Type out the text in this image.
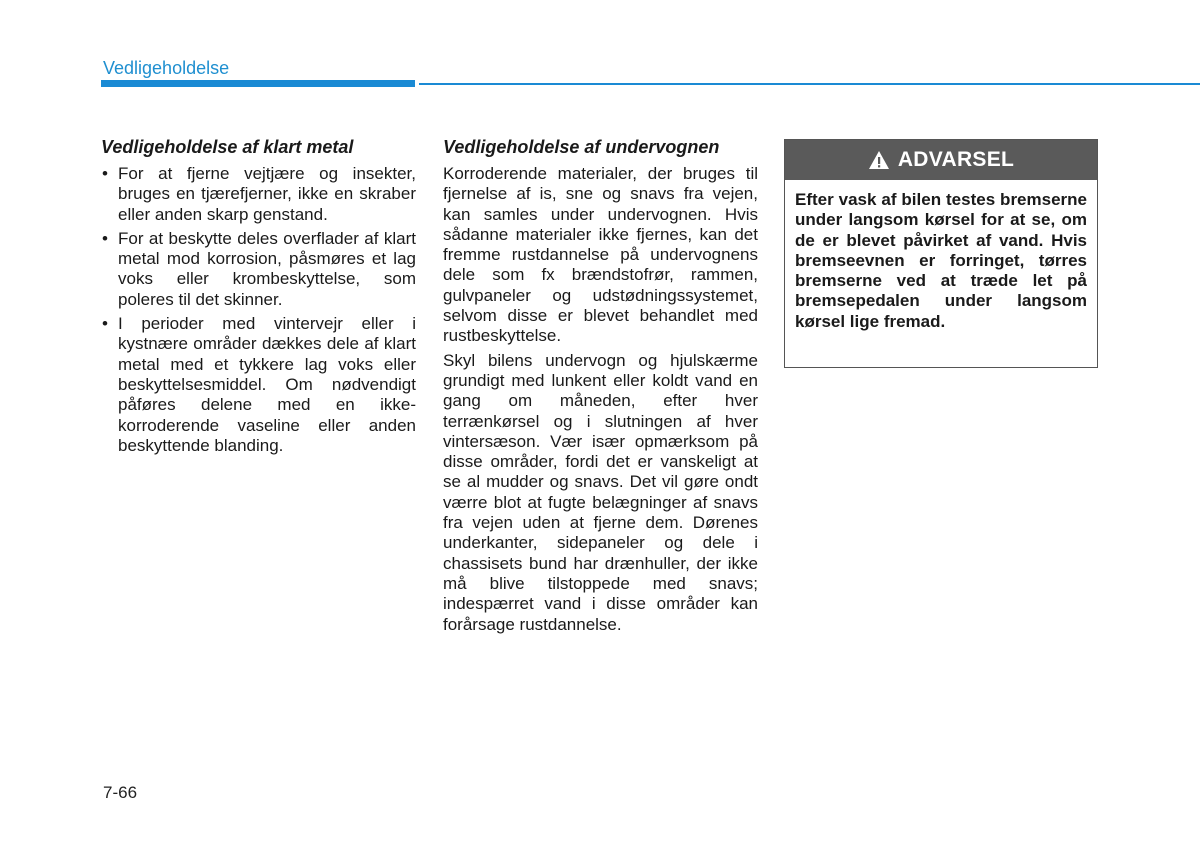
Vedligeholdelse
Vedligeholdelse af klart metal
• For at fjerne vejtjære og insekter, bruges en tjærefjerner, ikke en skraber eller anden skarp genstand.
• For at beskytte deles overflader af klart metal mod korrosion, påsmøres et lag voks eller krombeskyttelse, som poleres til det skinner.
• I perioder med vintervejr eller i kystnære områder dækkes dele af klart metal med et tykkere lag voks eller beskyttelsesmiddel. Om nødvendigt påføres delene med en ikke-korroderende vaseline eller anden beskyttende blanding.
Vedligeholdelse af undervognen

Korroderende materialer, der bruges til fjernelse af is, sne og snavs fra vejen, kan samles under undervognen. Hvis sådanne materialer ikke fjernes, kan det fremme rustdannelse på undervognens dele som fx brændstofrør, rammen, gulvpaneler og udstødningssystemet, selvom disse er blevet behandlet med rustbeskyttelse.

Skyl bilens undervogn og hjulskærme grundigt med lunkent eller koldt vand en gang om måneden, efter hver terrænkørsel og i slutningen af hver vintersæson. Vær især opmærksom på disse områder, fordi det er vanskeligt at se al mudder og snavs. Det vil gøre ondt værre blot at fugte belægninger af snavs fra vejen uden at fjerne dem. Dørenes underkanter, sidepaneler og dele i chassisets bund har drænhuller, der ikke må blive tilstoppede med snavs; indespærret vand i disse områder kan forårsage rustdannelse.

ADVARSEL
Efter vask af bilen testes bremserne under langsom kørsel for at se, om de er blevet påvirket af vand. Hvis bremseevnen er forringet, tørres bremserne ved at træde let på bremsepedalen under langsom kørsel lige fremad.
7-66
